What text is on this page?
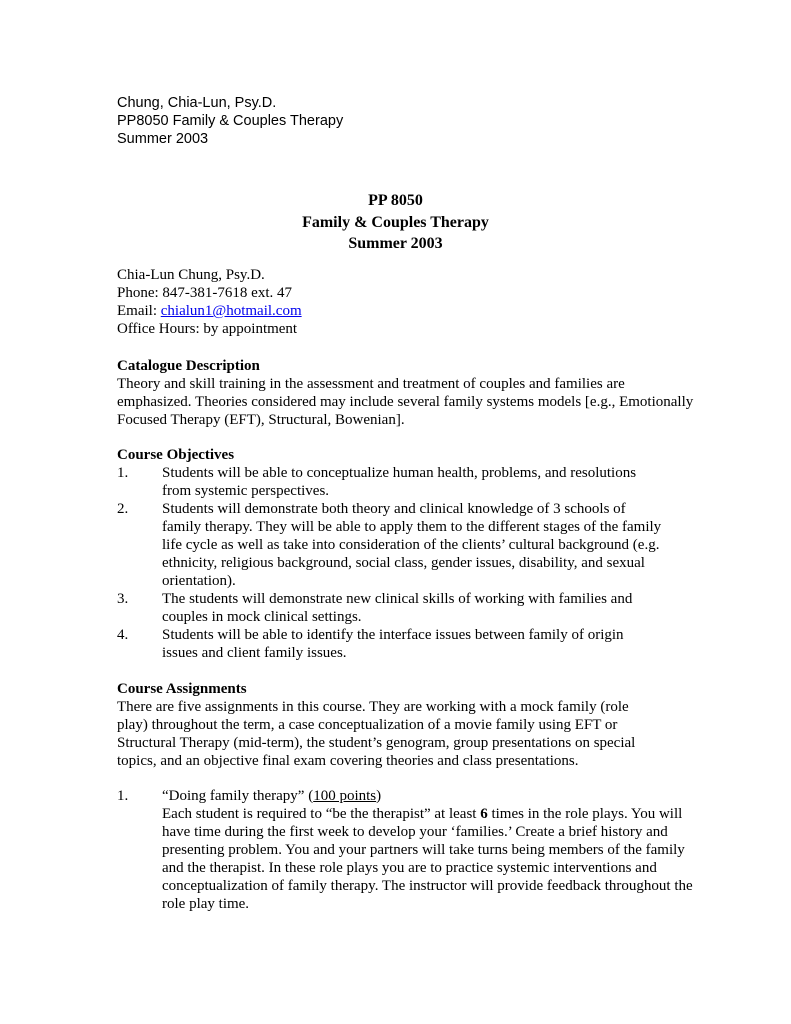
Chung, Chia-Lun, Psy.D.
PP8050 Family & Couples Therapy
Summer 2003
PP 8050
Family & Couples Therapy
Summer 2003
Chia-Lun Chung, Psy.D.
Phone: 847-381-7618 ext. 47
Email: chialun1@hotmail.com
Office Hours: by appointment
Catalogue Description
Theory and skill training in the assessment and treatment of couples and families are emphasized. Theories considered may include several family systems models [e.g., Emotionally Focused Therapy (EFT), Structural, Bowenian].
Course Objectives
1. Students will be able to conceptualize human health, problems, and resolutions from systemic perspectives.
2. Students will demonstrate both theory and clinical knowledge of 3 schools of family therapy. They will be able to apply them to the different stages of the family life cycle as well as take into consideration of the clients’ cultural background (e.g. ethnicity, religious background, social class, gender issues, disability, and sexual orientation).
3. The students will demonstrate new clinical skills of working with families and couples in mock clinical settings.
4. Students will be able to identify the interface issues between family of origin issues and client family issues.
Course Assignments
There are five assignments in this course. They are working with a mock family (role play) throughout the term, a case conceptualization of a movie family using EFT or Structural Therapy (mid-term), the student’s genogram, group presentations on special topics, and an objective final exam covering theories and class presentations.
1. “Doing family therapy” (100 points)
Each student is required to “be the therapist” at least 6 times in the role plays. You will have time during the first week to develop your ‘families.’ Create a brief history and presenting problem. You and your partners will take turns being members of the family and the therapist. In these role plays you are to practice systemic interventions and conceptualization of family therapy. The instructor will provide feedback throughout the role play time.
